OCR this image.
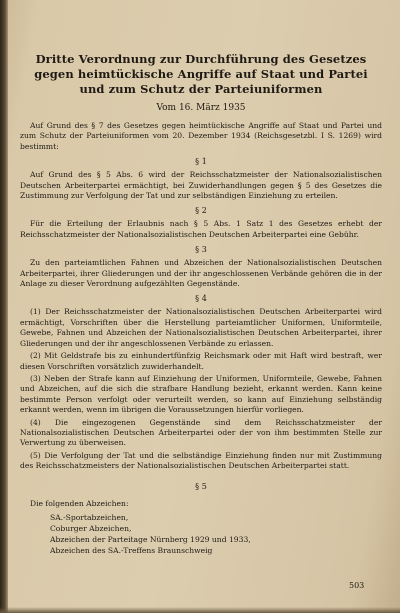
Dritte Verordnung zur Durchführung des Gesetzes gegen heimtückische Angriffe auf Staat und Partei und zum Schutz der Parteiuniformen
Vom 16. März 1935

Auf Grund des § 7 des Gesetzes gegen heimtückische Angriffe auf Staat und Partei und zum Schutz der Parteiuniformen vom 20. Dezember 1934 (Reichsgesetzbl. I S. 1269) wird bestimmt:

§ 1

Auf Grund des § 5 Abs. 6 wird der Reichsschatzmeister der Nationalsozialistischen Deutschen Arbeiterpartei ermächtigt, bei Zuwiderhandlungen gegen § 5 des Gesetzes die Zustimmung zur Verfolgung der Tat und zur selbständigen Einziehung zu erteilen.

§ 2

Für die Erteilung der Erlaubnis nach § 5 Abs. 1 Satz 1 des Gesetzes erhebt der Reichsschatzmeister der Nationalsozialistischen Deutschen Arbeiterpartei eine Gebühr.

§ 3

Zu den parteiamtlichen Fahnen und Abzeichen der Nationalsozialistischen Deutschen Arbeiterpartei, ihrer Gliederungen und der ihr angeschlossenen Verbände gehören die in der Anlage zu dieser Verordnung aufgezählten Gegenstände.

§ 4

(1) Der Reichsschatzmeister der Nationalsozialistischen Deutschen Arbeiterpartei wird ermächtigt, Vorschriften über die Herstellung parteiamtlicher Uniformen, Uniformteile, Gewebe, Fahnen und Abzeichen der Nationalsozialistischen Deutschen Arbeiterpartei, ihrer Gliederungen und der ihr angeschlossenen Verbände zu erlassen.

(2) Mit Geldstrafe bis zu einhundertfünfzig Reichsmark oder mit Haft wird bestraft, wer diesen Vorschriften vorsätzlich zuwiderhandelt.

(3) Neben der Strafe kann auf Einziehung der Uniformen, Uniformteile, Gewebe, Fahnen und Abzeichen, auf die sich die strafbare Handlung bezieht, erkannt werden. Kann keine bestimmte Person verfolgt oder verurteilt werden, so kann auf Einziehung selbständig erkannt werden, wenn im übrigen die Voraussetzungen hierfür vorliegen.

(4) Die eingezogenen Gegenstände sind dem Reichsschatzmeister der Nationalsozialistischen Deutschen Arbeiterpartei oder der von ihm bestimmten Stelle zur Verwertung zu überweisen.

(5) Die Verfolgung der Tat und die selbständige Einziehung finden nur mit Zustimmung des Reichsschatzmeisters der Nationalsozialistischen Deutschen Arbeiterpartei statt.

§ 5
Die folgenden Abzeichen:
SA.-Sportabzeichen,
Coburger Abzeichen,
Abzeichen der Parteitage Nürnberg 1929 und 1933,
Abzeichen des SA.-Treffens Braunschweig
503
